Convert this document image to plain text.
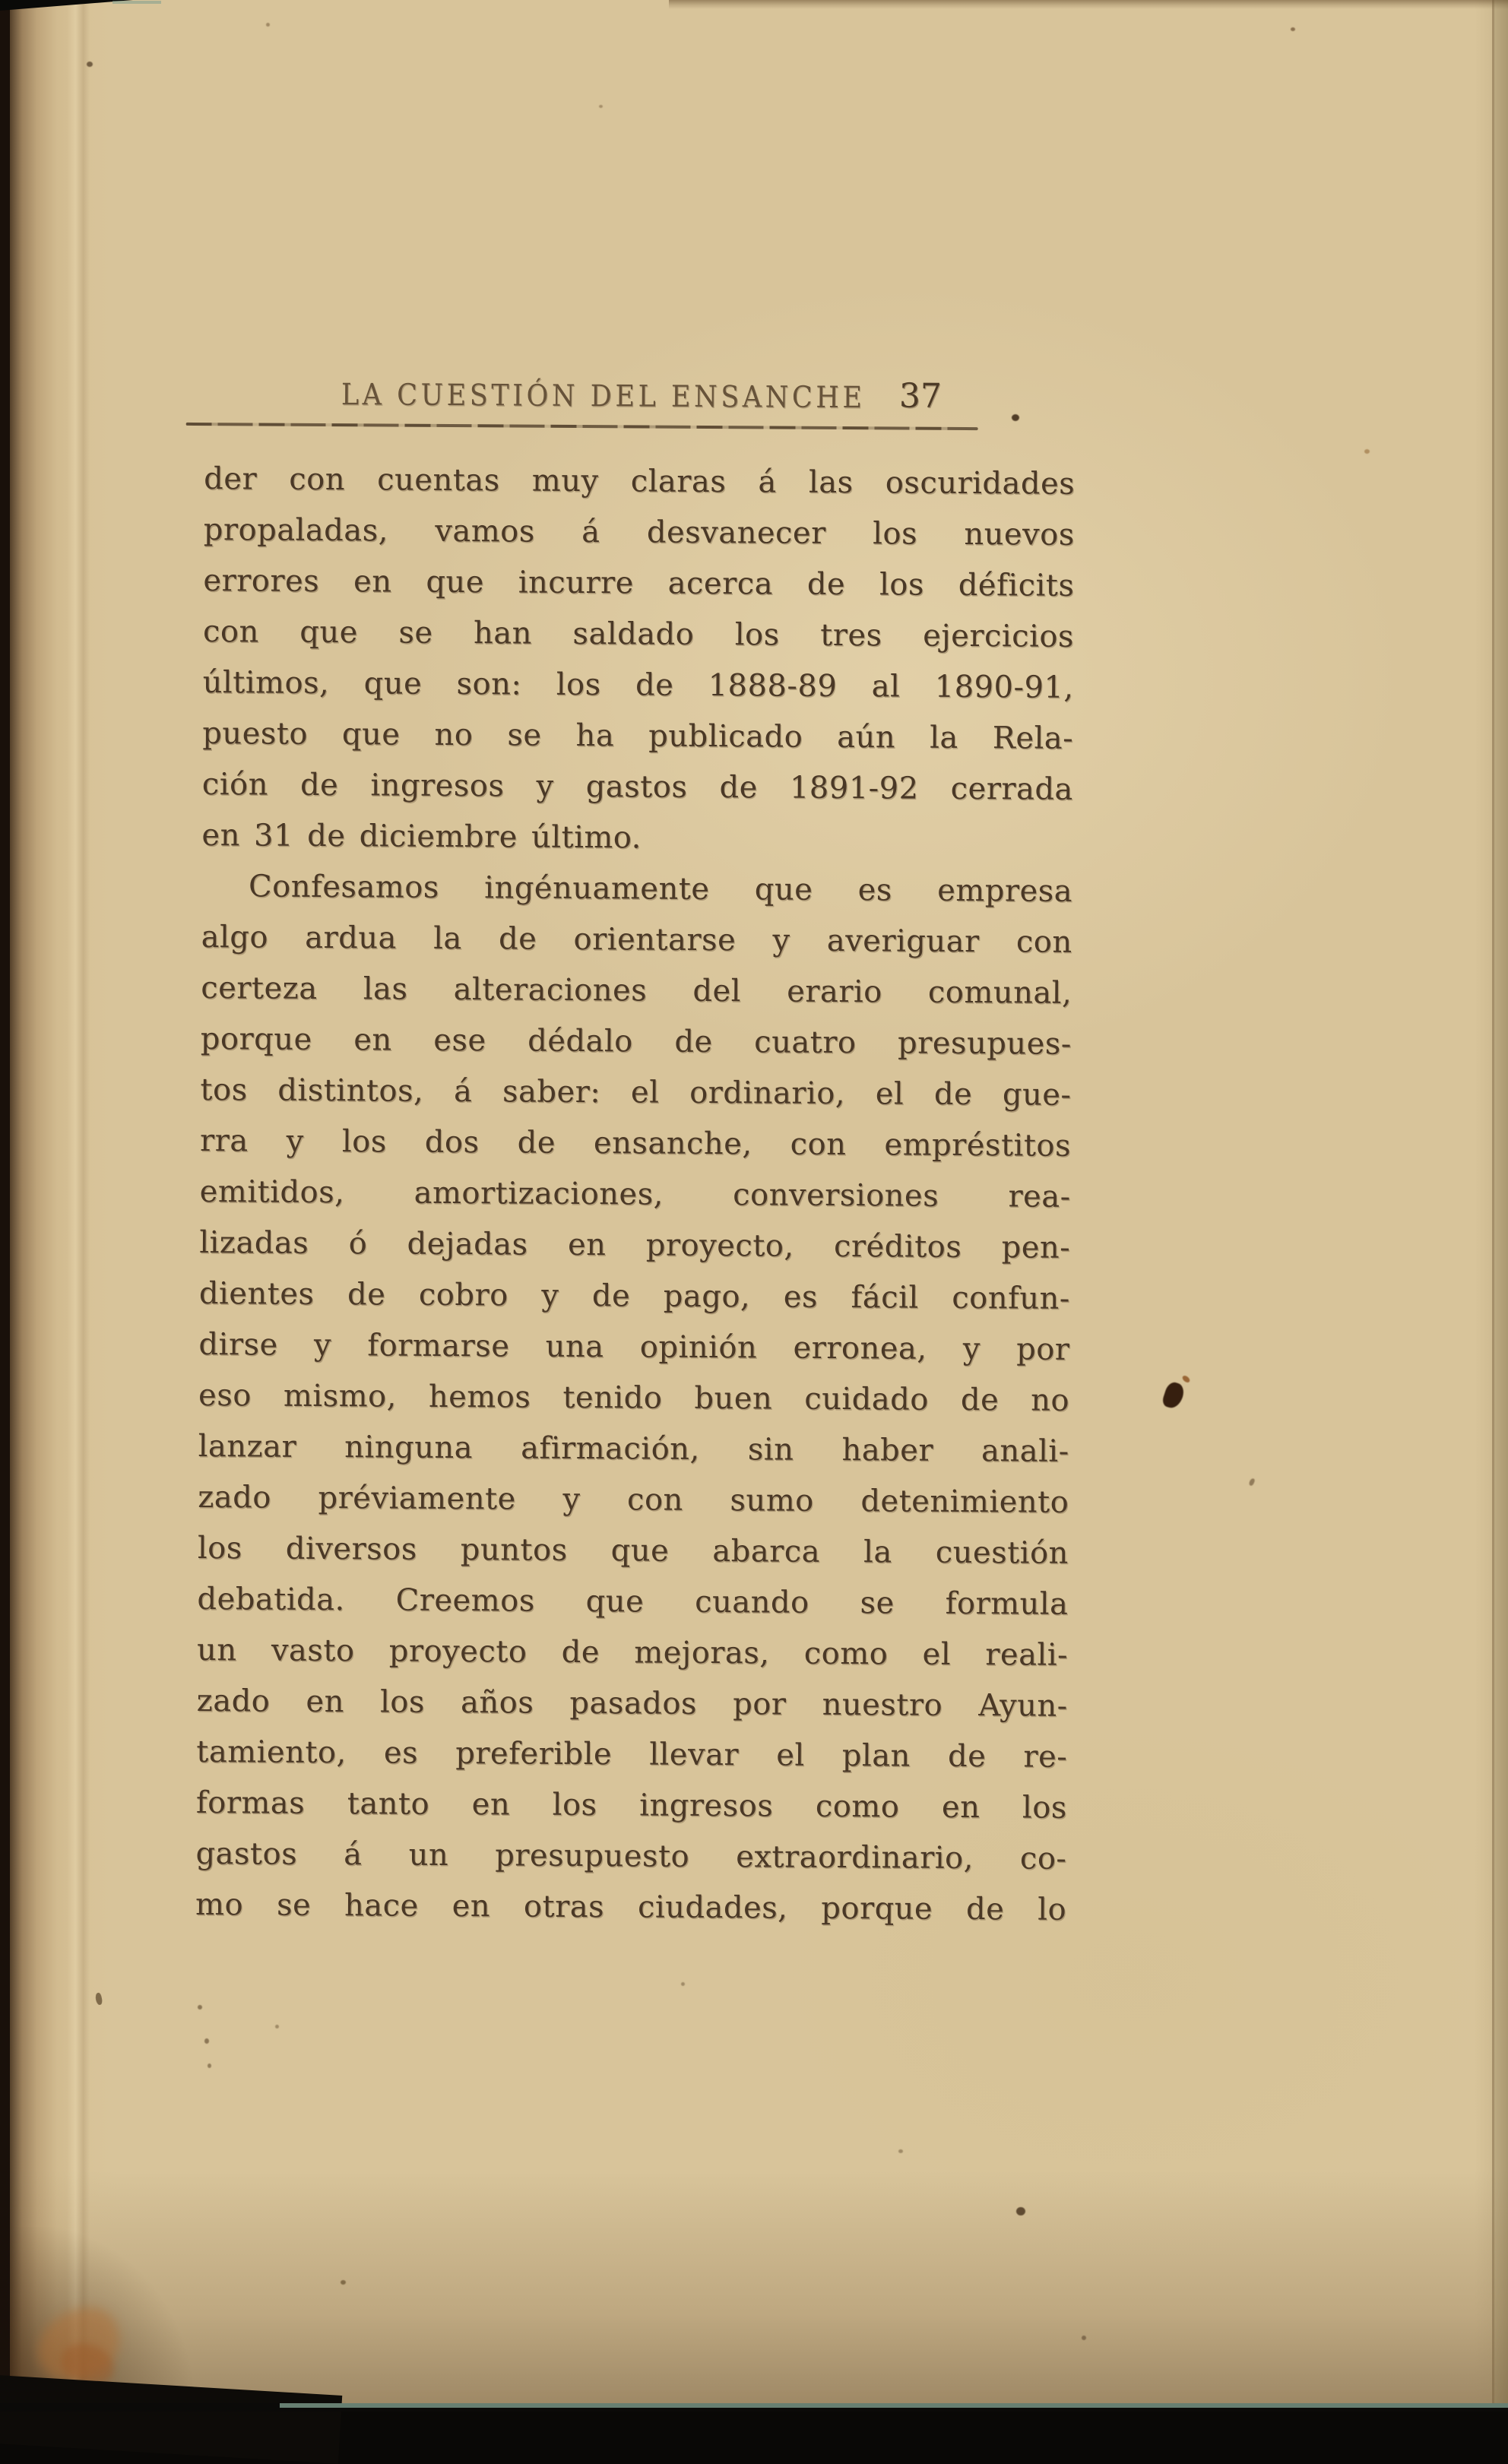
LA CUESTIÓN DEL ENSANCHE 37
der con cuentas muy claras á las oscuridades
propaladas, vamos á desvanecer los nuevos
errores en que incurre acerca de los déficits
con que se han saldado los tres ejercicios
últimos, que son: los de 1888-89 al 1890-91,
puesto que no se ha publicado aún la Rela-
ción de ingresos y gastos de 1891-92 cerrada
en 31 de diciembre último.
Confesamos ingénuamente que es empresa
algo ardua la de orientarse y averiguar con
certeza las alteraciones del erario comunal,
porque en ese dédalo de cuatro presupues-
tos distintos, á saber: el ordinario, el de gue-
rra y los dos de ensanche, con empréstitos
emitidos, amortizaciones, conversiones rea-
lizadas ó dejadas en proyecto, créditos pen-
dientes de cobro y de pago, es fácil confun-
dirse y formarse una opinión erronea, y por
eso mismo, hemos tenido buen cuidado de no
lanzar ninguna afirmación, sin haber anali-
zado préviamente y con sumo detenimiento
los diversos puntos que abarca la cuestión
debatida. Creemos que cuando se formula
un vasto proyecto de mejoras, como el reali-
zado en los años pasados por nuestro Ayun-
tamiento, es preferible llevar el plan de re-
formas tanto en los ingresos como en los
gastos á un presupuesto extraordinario, co-
mo se hace en otras ciudades, porque de lo
